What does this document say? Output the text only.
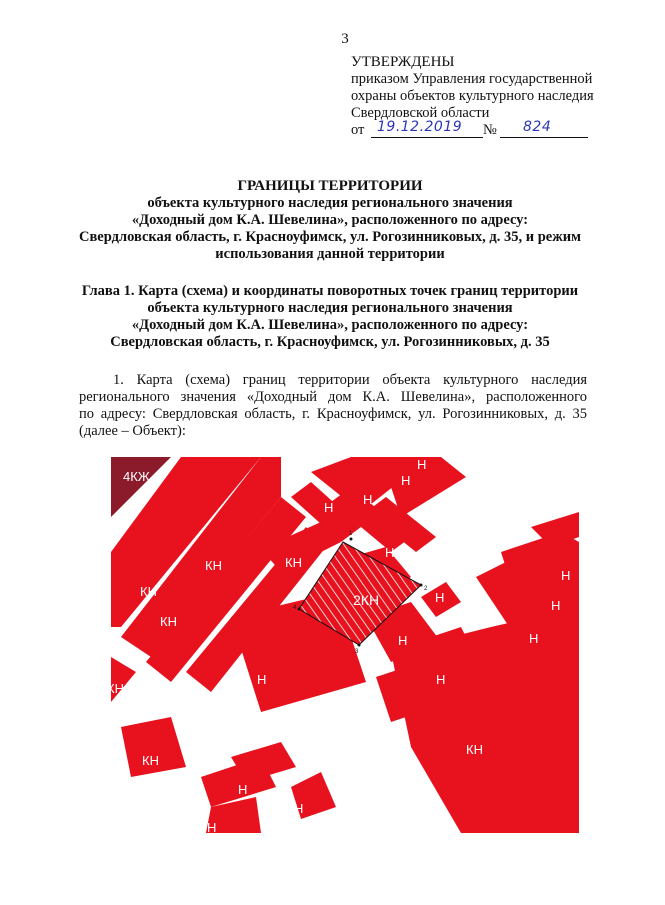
3
УТВЕРЖДЕНЫ
приказом Управления государственной
охраны объектов культурного наследия
Свердловской области
от 19.12.2019 № 824
ГРАНИЦЫ ТЕРРИТОРИИ
объекта культурного наследия регионального значения
«Доходный дом К.А. Шевелина», расположенного по адресу:
Свердловская область, г. Красноуфимск, ул. Рогозинниковых, д. 35, и режим
использования данной территории
Глава 1. Карта (схема) и координаты поворотных точек границ территории
объекта культурного наследия регионального значения
«Доходный дом К.А. Шевелина», расположенного по адресу:
Свердловская область, г. Красноуфимск, ул. Рогозинниковых, д. 35
1. Карта (схема) границ территории объекта культурного наследия
регионального значения «Доходный дом К.А. Шевелина», расположенного
по адресу: Свердловская область, г. Красноуфимск, ул. Рогозинниковых, д. 35
(далее – Объект):
1
2
3
4
4КЖ
Н
Н
Н
Н
Н
Н
Н
Н
Н
Н
Н
Н
Н
Н
Н
Н
КН	КН
КН
КН
КН
КН
КН
2КН
